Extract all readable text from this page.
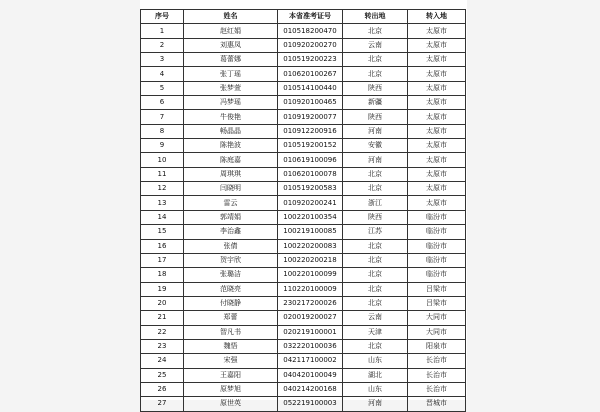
序号	姓名	本省准考证号	转出地	转入地
1	赵红娟	010518200470	北京	太原市
2	刘惠凤	010920200270	云南	太原市
3	葛蕾娜	010519200223	北京	太原市
4	张丁瑶	010620100267	北京	太原市
5	张梦萱	010514100440	陕西	太原市
6	冯梦瑶	010920100465	新疆	太原市
7	牛俊艳	010919200077	陕西	太原市
8	畅晶晶	010912200916	河南	太原市
9	陈艳波	010519200152	安徽	太原市
10	陈庭嘉	010619100096	河南	太原市
11	周琪琪	010620100078	北京	太原市
12	闫晓明	010519200583	北京	太原市
13	雷云	010920200241	浙江	太原市
14	郭靖娟	100220100354	陕西	临汾市
15	李治鑫	100219100085	江苏	临汾市
16	张倩	100220200083	北京	临汾市
17	贺宇欣	100220200218	北京	临汾市
18	张璐洁	100220100099	北京	临汾市
19	范晓亮	110220100009	北京	吕梁市
20	付晓静	230217200026	北京	吕梁市
21	郑蕾	020019200027	云南	大同市
22	智凡书	020219100001	天津	大同市
23	魏悟	032220100036	北京	阳泉市
24	宋强	042117100002	山东	长治市
25	王嘉阳	040420100049	湖北	长治市
26	原梦旭	040214200168	山东	长治市
27	原世英	052219100003	河南	晋城市
